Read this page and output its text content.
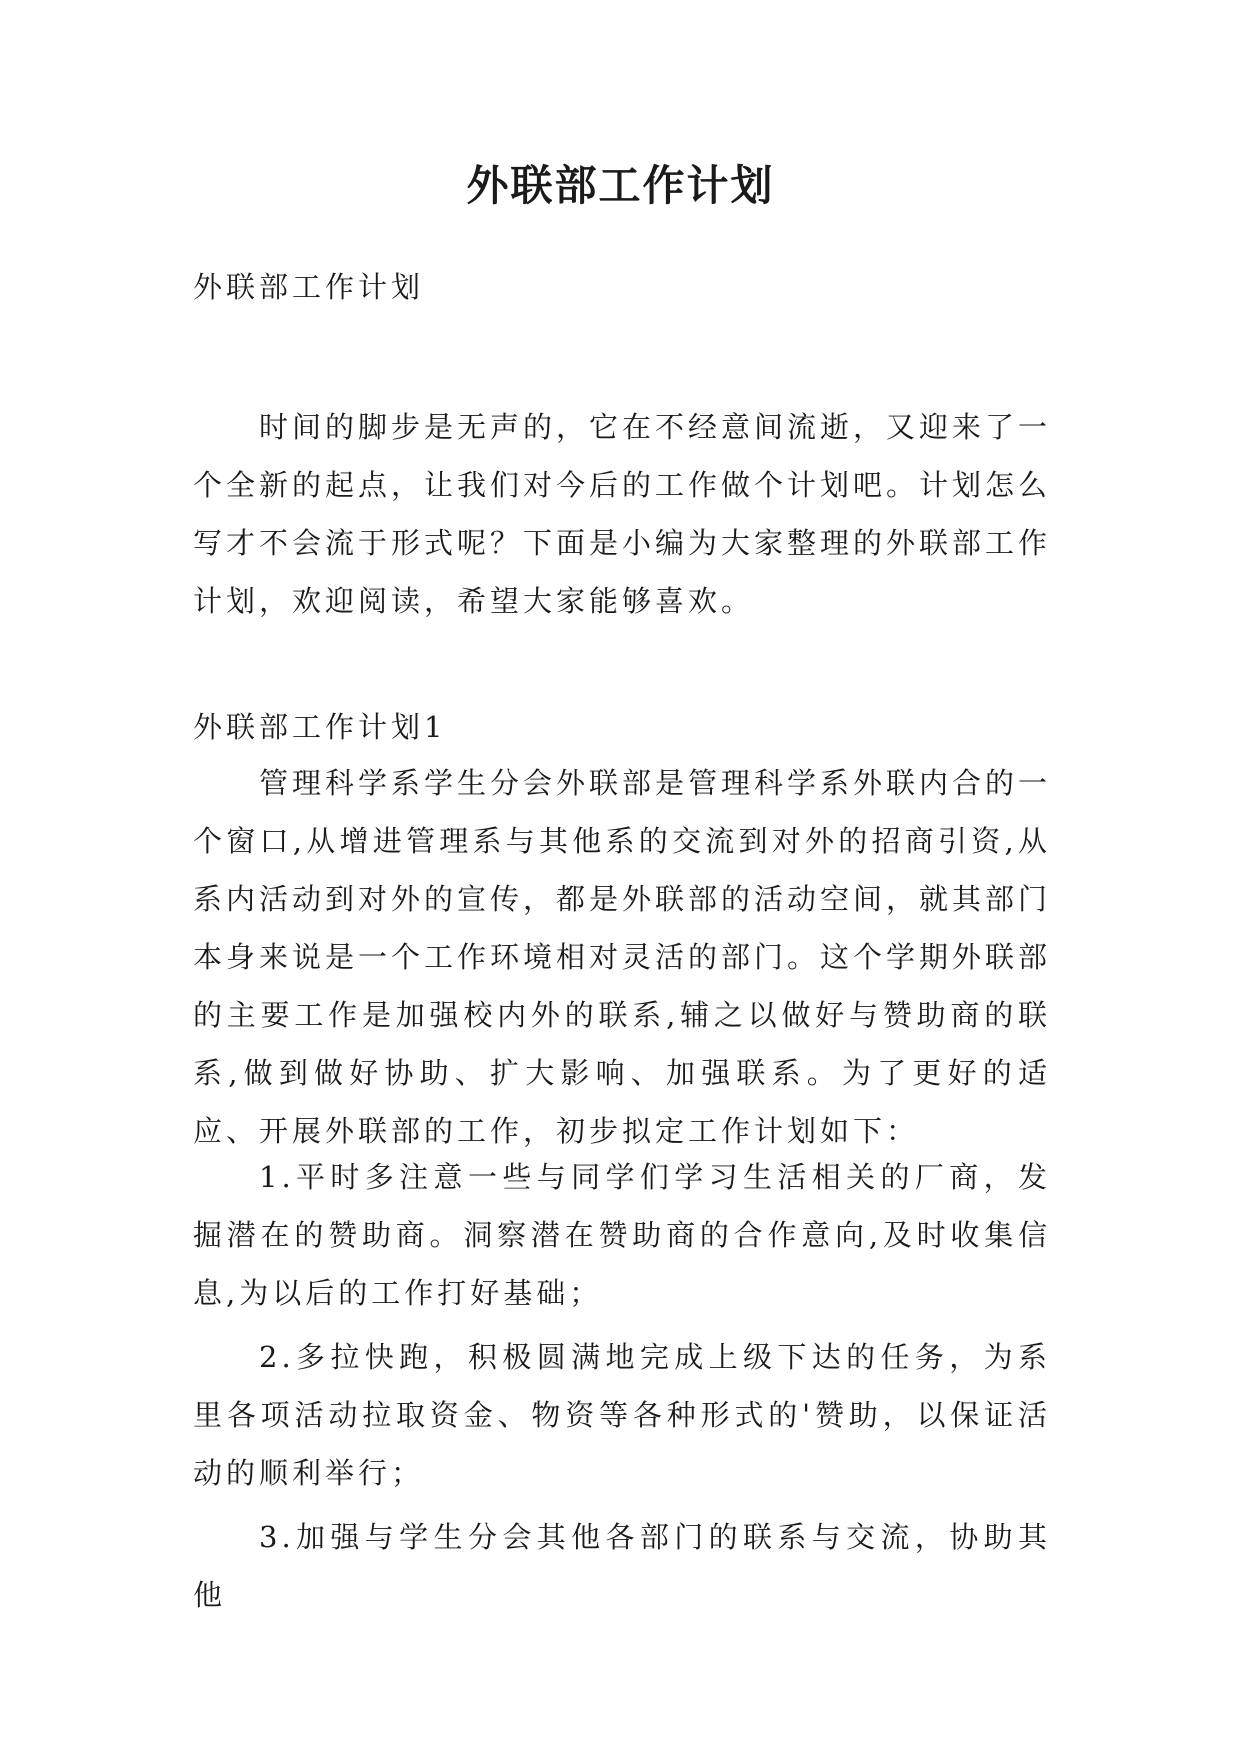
外联部工作计划

外联部工作计划

时间的脚步是无声的，它在不经意间流逝，又迎来了一个全新的起点，让我们对今后的工作做个计划吧。计划怎么写才不会流于形式呢？下面是小编为大家整理的外联部工作计划，欢迎阅读，希望大家能够喜欢。

外联部工作计划1

管理科学系学生分会外联部是管理科学系外联内合的一个窗口,从增进管理系与其他系的交流到对外的招商引资,从系内活动到对外的宣传，都是外联部的活动空间，就其部门本身来说是一个工作环境相对灵活的部门。这个学期外联部的主要工作是加强校内外的联系,辅之以做好与赞助商的联系,做到做好协助、扩大影响、加强联系。为了更好的适应、开展外联部的工作，初步拟定工作计划如下：

1.平时多注意一些与同学们学习生活相关的厂商，发掘潜在的赞助商。洞察潜在赞助商的合作意向,及时收集信息,为以后的工作打好基础；

2.多拉快跑，积极圆满地完成上级下达的任务，为系里各项活动拉取资金、物资等各种形式的'赞助，以保证活动的顺利举行；

3.加强与学生分会其他各部门的联系与交流，协助其他
